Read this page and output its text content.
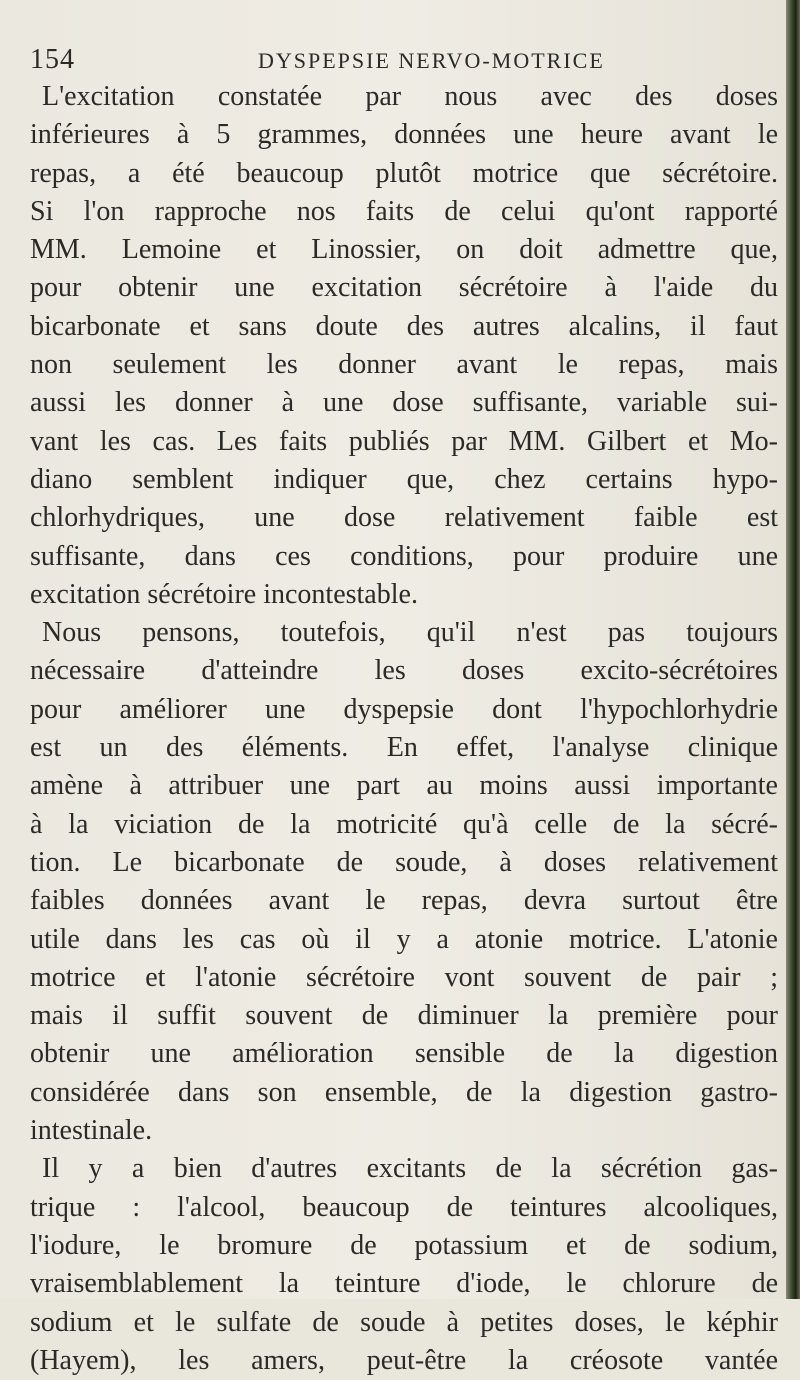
154	DYSPEPSIE NERVO-MOTRICE
L'excitation constatée par nous avec des doses
inférieures à 5 grammes, données une heure avant le
repas, a été beaucoup plutôt motrice que sécrétoire.
Si l'on rapproche nos faits de celui qu'ont rapporté
MM. Lemoine et Linossier, on doit admettre que,
pour obtenir une excitation sécrétoire à l'aide du
bicarbonate et sans doute des autres alcalins, il faut
non seulement les donner avant le repas, mais
aussi les donner à une dose suffisante, variable sui-
vant les cas. Les faits publiés par MM. Gilbert et Mo-
diano semblent indiquer que, chez certains hypo-
chlorhydriques, une dose relativement faible est
suffisante, dans ces conditions, pour produire une
excitation sécrétoire incontestable.
Nous pensons, toutefois, qu'il n'est pas toujours
nécessaire d'atteindre les doses excito-sécrétoires
pour améliorer une dyspepsie dont l'hypochlorhydrie
est un des éléments. En effet, l'analyse clinique
amène à attribuer une part au moins aussi importante
à la viciation de la motricité qu'à celle de la sécré-
tion. Le bicarbonate de soude, à doses relativement
faibles données avant le repas, devra surtout être
utile dans les cas où il y a atonie motrice. L'atonie
motrice et l'atonie sécrétoire vont souvent de pair ;
mais il suffit souvent de diminuer la première pour
obtenir une amélioration sensible de la digestion
considérée dans son ensemble, de la digestion gastro-
intestinale.
Il y a bien d'autres excitants de la sécrétion gas-
trique : l'alcool, beaucoup de teintures alcooliques,
l'iodure, le bromure de potassium et de sodium,
vraisemblablement la teinture d'iode, le chlorure de
sodium et le sulfate de soude à petites doses, le képhir
(Hayem), les amers, peut-être la créosote vantée
